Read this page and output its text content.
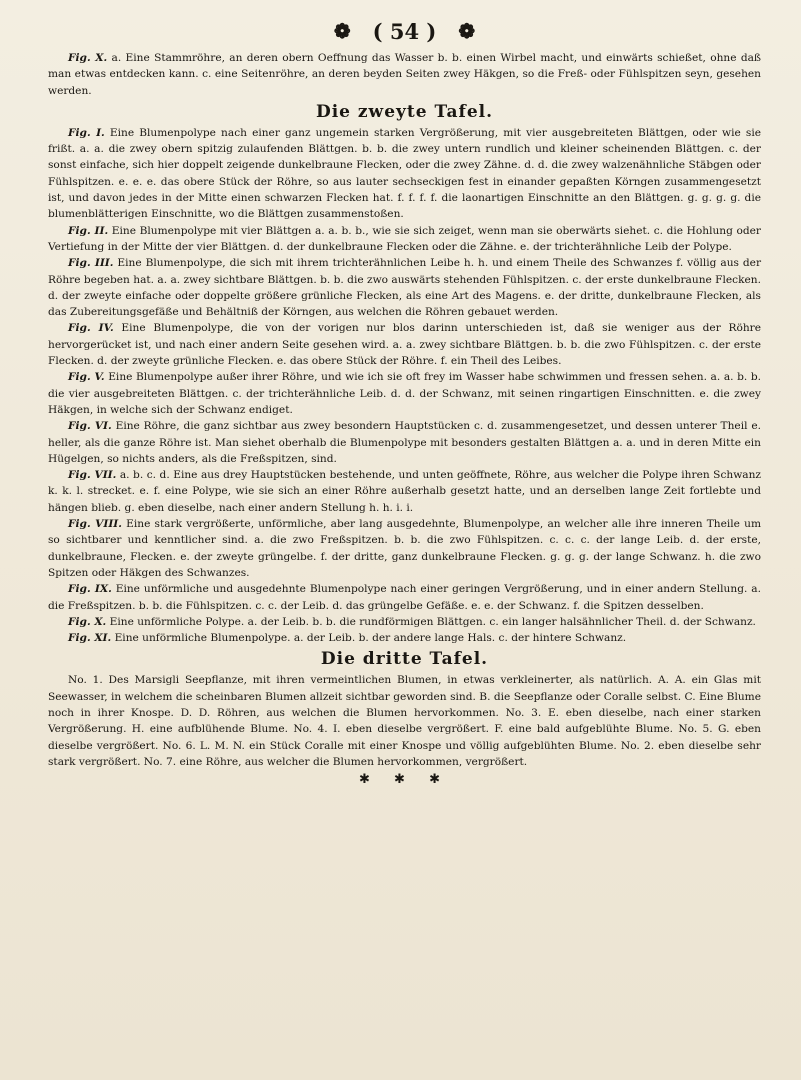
❁ ( 54 ) ❁

Fig. X. a. Eine Stammröhre, an deren obern Oeffnung das Wasser b. b. einen Wirbel macht, und einwärts schießet, ohne daß man etwas entdecken kann. c. eine Seitenröhre, an deren beyden Seiten zwey Häkgen, so die Freß- oder Fühlspitzen seyn, gesehen werden.

Die zweyte Tafel.

Fig. I. Eine Blumenpolype nach einer ganz ungemein starken Vergrößerung, mit vier ausgebreiteten Blättgen, oder wie sie frißt. a. a. die zwey obern spitzig zulaufenden Blättgen. b. b. die zwey untern rundlich und kleiner scheinenden Blättgen. c. der sonst einfache, sich hier doppelt zeigende dunkelbraune Flecken, oder die zwey Zähne. d. d. die zwey walzenähnliche Stäbgen oder Fühlspitzen. e. e. e. das obere Stück der Röhre, so aus lauter sechseckigen fest in einander gepaßten Körngen zusammengesetzt ist, und davon jedes in der Mitte einen schwarzen Flecken hat. f. f. f. f. die laonartigen Einschnitte an den Blättgen. g. g. g. g. die blumenblätterigen Einschnitte, wo die Blättgen zusammenstoßen.

Fig. II. Eine Blumenpolype mit vier Blättgen a. a. b. b., wie sie sich zeiget, wenn man sie oberwärts siehet. c. die Hohlung oder Vertiefung in der Mitte der vier Blättgen. d. der dunkelbraune Flecken oder die Zähne. e. der trichterähnliche Leib der Polype.

Fig. III. Eine Blumenpolype, die sich mit ihrem trichterähnlichen Leibe h. h. und einem Theile des Schwanzes f. völlig aus der Röhre begeben hat. a. a. zwey sichtbare Blättgen. b. b. die zwo auswärts stehenden Fühlspitzen. c. der erste dunkelbraune Flecken. d. der zweyte einfache oder doppelte größere grünliche Flecken, als eine Art des Magens. e. der dritte, dunkelbraune Flecken, als das Zubereitungsgefäße und Behältniß der Körngen, aus welchen die Röhren gebauet werden.

Fig. IV. Eine Blumenpolype, die von der vorigen nur blos darinn unterschieden ist, daß sie weniger aus der Röhre hervorgerücket ist, und nach einer andern Seite gesehen wird. a. a. zwey sichtbare Blättgen. b. b. die zwo Fühlspitzen. c. der erste Flecken. d. der zweyte grünliche Flecken. e. das obere Stück der Röhre. f. ein Theil des Leibes.

Fig. V. Eine Blumenpolype außer ihrer Röhre, und wie ich sie oft frey im Wasser habe schwimmen und fressen sehen. a. a. b. b. die vier ausgebreiteten Blättgen. c. der trichterähnliche Leib. d. d. der Schwanz, mit seinen ringartigen Einschnitten. e. die zwey Häkgen, in welche sich der Schwanz endiget.

Fig. VI. Eine Röhre, die ganz sichtbar aus zwey besondern Hauptstücken c. d. zusammengesetzet, und dessen unterer Theil e. heller, als die ganze Röhre ist. Man siehet oberhalb die Blumenpolype mit besonders gestalten Blättgen a. a. und in deren Mitte ein Hügelgen, so nichts anders, als die Freßspitzen, sind.

Fig. VII. a. b. c. d. Eine aus drey Hauptstücken bestehende, und unten geöffnete, Röhre, aus welcher die Polype ihren Schwanz k. k. l. strecket. e. f. eine Polype, wie sie sich an einer Röhre außerhalb gesetzt hatte, und an derselben lange Zeit fortlebte und hängen blieb. g. eben dieselbe, nach einer andern Stellung h. h. i. i.

Fig. VIII. Eine stark vergrößerte, unförmliche, aber lang ausgedehnte, Blumenpolype, an welcher alle ihre inneren Theile um so sichtbarer und kenntlicher sind. a. die zwo Freßspitzen. b. b. die zwo Fühlspitzen. c. c. c. der lange Leib. d. der erste, dunkelbraune, Flecken. e. der zweyte grüngelbe. f. der dritte, ganz dunkelbraune Flecken. g. g. g. der lange Schwanz. h. die zwo Spitzen oder Häkgen des Schwanzes.

Fig. IX. Eine unförmliche und ausgedehnte Blumenpolype nach einer geringen Vergrößerung, und in einer andern Stellung. a. die Freßspitzen. b. b. die Fühlspitzen. c. c. der Leib. d. das grüngelbe Gefäße. e. e. der Schwanz. f. die Spitzen desselben.

Fig. X. Eine unförmliche Polype. a. der Leib. b. b. die rundförmigen Blättgen. c. ein langer halsähnlicher Theil. d. der Schwanz.

Fig. XI. Eine unförmliche Blumenpolype. a. der Leib. b. der andere lange Hals. c. der hintere Schwanz.

Die dritte Tafel.

No. 1. Des Marsigli Seepflanze, mit ihren vermeintlichen Blumen, in etwas verkleinerter, als natürlich. A. A. ein Glas mit Seewasser, in welchem die scheinbaren Blumen allzeit sichtbar geworden sind. B. die Seepflanze oder Coralle selbst. C. Eine Blume noch in ihrer Knospe. D. D. Röhren, aus welchen die Blumen hervorkommen. No. 3. E. eben dieselbe, nach einer starken Vergrößerung. H. eine aufblühende Blume. No. 4. I. eben dieselbe vergrößert. F. eine bald aufgeblühte Blume. No. 5. G. eben dieselbe vergrößert. No. 6. L. M. N. ein Stück Coralle mit einer Knospe und völlig aufgeblühten Blume. No. 2. eben dieselbe sehr stark vergrößert. No. 7. eine Röhre, aus welcher die Blumen hervorkommen, vergrößert.

✱ ✱ ✱
